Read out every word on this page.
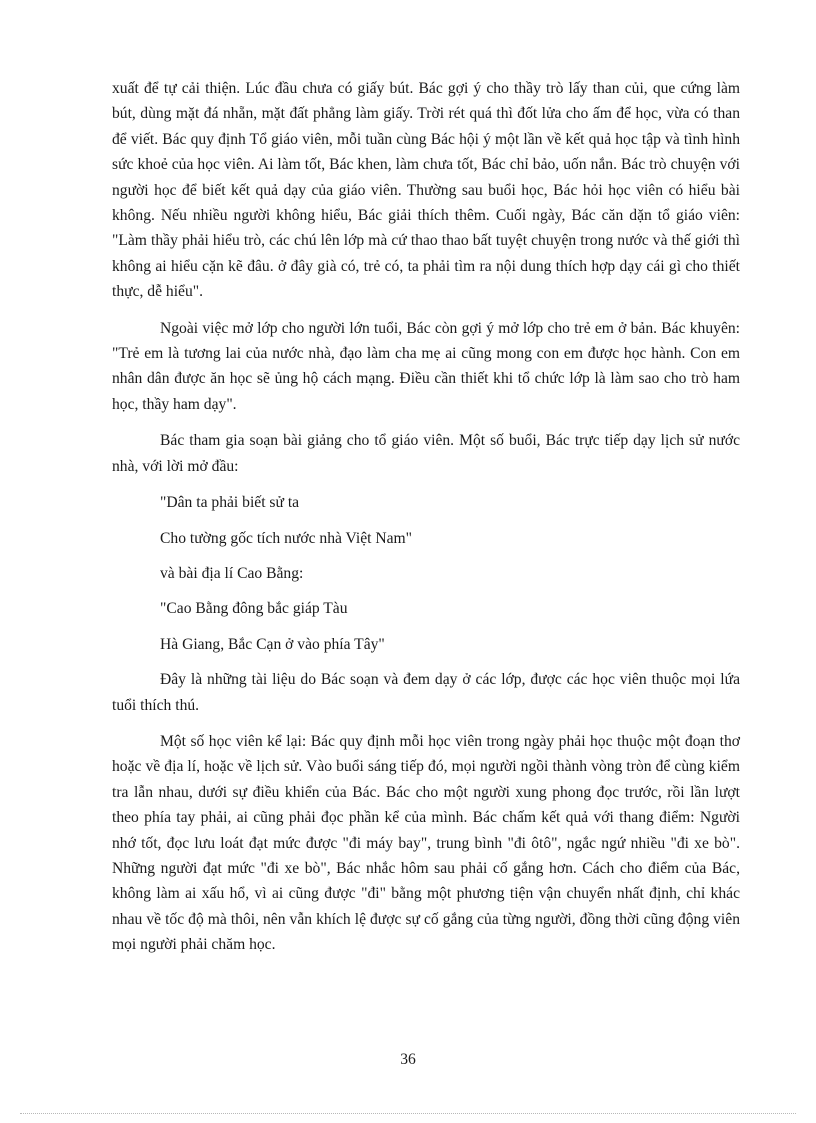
xuất để tự cải thiện. Lúc đầu chưa có giấy bút. Bác gợi ý cho thầy trò lấy than củi, que cứng làm bút, dùng mặt đá nhẵn, mặt đất phẳng làm giấy. Trời rét quá thì đốt lửa cho ấm để học, vừa có than để viết. Bác quy định Tổ giáo viên, mỗi tuần cùng Bác hội ý một lần về kết quả học tập và tình hình sức khoẻ của học viên. Ai làm tốt, Bác khen, làm chưa tốt, Bác chỉ bảo, uốn nắn. Bác trò chuyện với người học để biết kết quả dạy của giáo viên. Thường sau buổi học, Bác hỏi học viên có hiểu bài không. Nếu nhiều người không hiểu, Bác giải thích thêm. Cuối ngày, Bác căn dặn tổ giáo viên: "Làm thầy phải hiểu trò, các chú lên lớp mà cứ thao thao bất tuyệt chuyện trong nước và thế giới thì không ai hiểu cặn kẽ đâu. ở đây già có, trẻ có, ta phải tìm ra nội dung thích hợp dạy cái gì cho thiết thực, dễ hiểu".

Ngoài việc mở lớp cho người lớn tuổi, Bác còn gợi ý mở lớp cho trẻ em ở bản. Bác khuyên: "Trẻ em là tương lai của nước nhà, đạo làm cha mẹ ai cũng mong con em được học hành. Con em nhân dân được ăn học sẽ ủng hộ cách mạng. Điều cần thiết khi tổ chức lớp là làm sao cho trò ham học, thầy ham dạy".

Bác tham gia soạn bài giảng cho tổ giáo viên. Một số buổi, Bác trực tiếp dạy lịch sử nước nhà, với lời mở đầu:

"Dân ta phải biết sử ta

Cho tường gốc tích nước nhà Việt Nam"

và bài địa lí Cao Bằng:

"Cao Bằng đông bắc giáp Tàu

Hà Giang, Bắc Cạn ở vào phía Tây"

Đây là những tài liệu do Bác soạn và đem dạy ở các lớp, được các học viên thuộc mọi lứa tuổi thích thú.

Một số học viên kể lại: Bác quy định mỗi học viên trong ngày phải học thuộc một đoạn thơ hoặc về địa lí, hoặc về lịch sử. Vào buổi sáng tiếp đó, mọi người ngồi thành vòng tròn để cùng kiểm tra lẫn nhau, dưới sự điều khiển của Bác. Bác cho một người xung phong đọc trước, rồi lần lượt theo phía tay phải, ai cũng phải đọc phần kể của mình. Bác chấm kết quả với thang điểm: Người nhớ tốt, đọc lưu loát đạt mức được "đi máy bay", trung bình "đi ôtô", ngắc ngứ nhiều "đi xe bò". Những người đạt mức "đi xe bò", Bác nhắc hôm sau phải cố gắng hơn. Cách cho điểm của Bác, không làm ai xấu hổ, vì ai cũng được "đi" bằng một phương tiện vận chuyển nhất định, chỉ khác nhau về tốc độ mà thôi, nên vẫn khích lệ được sự cố gắng của từng người, đồng thời cũng động viên mọi người phải chăm học.

36
